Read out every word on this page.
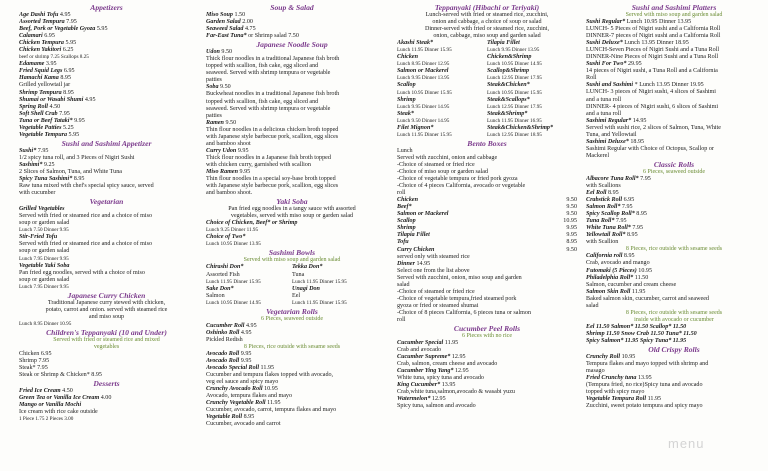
Appetizers
Age Dashi Tofu 4.95
Assorted Tempura 7.95
Beef, Pork or Vegetable Gyoza 5.95
Calamari 6.95
Chicken Tempura 5.95
Chicken Yakitori 6.25
beef or shrimp 7.25 Scallops 8.25
Edamame 3.95
Fried Squid Legs 6.95
Hamachi Kama 8.95
Grilled yellowtail jar
Shrimp Tempura 8.95
Shumai or Wasabi Shumi 4.95
Spring Roll 4.50
Soft Shell Crab 7.95
Tuna or Beef Tataki* 9.95
Vegetable Patties 5.25
Vegetable Tempura 5.95
Sushi and Sashimi Appetizer
Sushi* 7.95
1/2 spicy tuna roll, and 3 Pieces of Nigiri Sushi
Sashimi* 9.25
2 Slices of Salmon, Tuna, and White Tuna
Spicy Tuna Sashimi* 8.95
Raw tuna mixed with chef's special spicy sauce, served
with cucumber
Vegetarian
Grilled Vegetables
Served with fried or steamed rice and a choice of miso
soup or garden salad
Lunch 7.50 Dinner 9.95
Stir-Fried Tofu
Served with fried or steamed rice and a choice of miso
soup or garden salad
Lunch 7.95 Dinner 9.95
Vegetable Yaki Soba
Pan fried egg noodles, served with a choice of miso
soup or garden salad
Lunch 7.95 Dinner 9.95
Japanese Curry Chicken
Traditional Japanese curry stewed with chicken,
potato, carrot and onion. served with steamed rice
and miso soup
Lunch 8.95 Dinner 10.95
Children's Teppanyaki (10 and Under)
Served with fried or steamed rice and mixed
vegetables
Chicken 6.95
Shrimp 7.95
Steak* 7.95
Steak or Shrimp & Chicken* 8.95
Desserts
Fried Ice Cream 4.50
Green Tea or Vanilla Ice Cream 4.00
Mango or Vanilla Mochi
Ice cream with rice cake outside
1 Piece 1.75 2 Pieces 3.00
Soup & Salad
Miso Soup 1.50
Garden Salad 2.00
Seaweed Salad 4.75
Far-East Tuna* or Shrimp salad 7.50
Japanese Noodle Soup
Udon 9.50
Thick flour noodles in a traditional Japanese fish broth
topped with scallion, fish cake, egg sliced and
seaweed. Served with shrimp tempura or vegetable
patties
Soba 9.50
Buckwheat noodles in a traditional Japanese fish broth
topped with scallion, fish cake, egg sliced and
seaweed. Served with shrimp tempura or vegetable
patties
Ramen 9.50
Thin flour noodles in a delicious chicken broth topped
with Japanese style barbecue pork, scallion, egg slices
and bamboo shoot
Curry Udon 9.95
Thick flour noodles in a Japanese fish broth topped
with chicken curry, garnished with scallion
Miso Ramen 9.95
Thin flour noodles in a special soy-base broth topped
with Japanese style barbecue pork, scallion, egg slices
and bamboo shoot.
Yaki Soba
Pan fried egg noodles in a tangy sauce with assorted
vegetables, served with miso soup or garden salad
Choice of Chicken, Beef* or Shrimp
Lunch 9.25 Dinner 11.95
Choice of Two*
Lunch 10.95 Dinner 13.95
Sashimi Bowls
Served with miso soup and garden salad
Chirashi Don*
Assorted Fish
Lunch 11.95 Dinner 15.95
Sake Don*
Salmon
Lunch 10.95 Dinner 14.95
Tekka Don*
Tuna
Lunch 11.95 Dinner 15.95
Unagi Don
Eel
Lunch 11.95 Dinner 15.95
Vegetarian Rolls
6 Pieces, seaweed outside
Cucumber Roll 4.95
Oshinko Roll 4.95
Pickled Redish
8 Pieces, rice outside with sesame seeds
Avocado Roll 9.95
Avocado Roll 9.95
Avocado Special Roll 11.95
Cucumber and tempura flakes topped with avocado,
veg eel sauce and spicy mayo
Crunchy Avocado Roll 10.95
Avocado, tempura flakes and mayo
Crunchy Vegetable Roll 11.95
Cucumber, avocado, carrot, tempura flakes and mayo
Vegetable Roll 8.95
Cucumber, avocado and carrot
Teppanyaki (Hibachi or Teriyaki)
Lunch-served with fried or steamed rice, zucchini,
onion and cabbage, a choice of soup or salad
Dinner-served with fried or steamed rice, zucchini,
onion, cabbage, miso soup and garden salad
Akashi Steak*
Lunch 11.95 Dinner 15.95
Chicken
Lunch 8.95 Dinner 12.95
Salmon or Mackerel
Lunch 9.95 Dinner 13.95
Scallop
Lunch 10.95 Dinner 15.95
Shrimp
Lunch 9.95 Dinner 14.95
Steak*
Lunch 9.50 Dinner 14.95
Filet Mignon*
Lunch 11.95 Dinner 15.95
Tilapia Fillet
Lunch 9.95 Dinner 13.95
Chicken&Shrimp
Lunch 10.95 Dinner 14.95
Scallop&Shrimp
Lunch 12.95 Dinner 17.95
Steak&Chicken*
Lunch 10.95 Dinner 15.95
Steak&Scallops*
Lunch 12.95 Dinner 17.95
Steak&Shrimp*
Lunch 11.95 Dinner 16.95
Steak&Chicken&Shrimp*
Lunch 12.95 Dinner 18.95
Bento Boxes
Lunch
Served with zucchini, onion and cabbage
-Choice of steamed or fried rice
-Choice of miso soup or garden salad
-Choice of vegetable tempura or fried pork gyoza
-Choice of 4 pieces California, avocado or vegetable
roll
Chicken	9.50
Beef*	9.50
Salmon or Mackerel	9.50
Scallop	10.95
Shrimp	9.95
Tilapia Fillet	9.95
Tofu	8.95
Curry Chicken	9.50
served only with steamed rice
Dinner 14.95
Select one from the list above
Served with zucchini, onion, miso soup and garden
salad
-Choice of steamed or fried rice
-Choice of vegetable tempura,fried steamed pork
gyoza or fried or steamed shumai
-Choice of 8 pieces California, 6 pieces tuna or salmon
roll
Cucumber Peel Rolls
6 Pieces with no rice
Cucumber Special 11.95
Crab and avocado
Cucumber Supreme* 12.95
Crab, salmon, cream cheese and avocado
Cucumber Ying Yang* 12.95
White tuna, spicy tuna and avocado
King Cucumber* 13.95
Crab,white tuna,salmon,avocado & wasabi yuzu
Watermelon* 12.95
Spicy tuna, salmon and avocado
Sushi and Sashimi Platters
Served with miso soup and garden salad
Sushi Regular* Lunch 10.95 Dinner 13.95
LUNCH- 5 Pieces of Nigiri sushi and a California Roll
DINNER-7 pieces of Nigiri sushi and a California Roll
Sushi Deluxe* Lunch 13.95 Dinner 18.95
LUNCH-Seven Pieces of Nigiri Sushi and a Tuna Roll
DINNER-Nine Pieces of Nigiri Sushi and a Tuna Roll
Sushi For Two* 29.95
14 pieces of Nigiri sushi, a Tuna Roll and a California
Roll
Sushi and Sashimi * Lunch 13.95 Dinner 19.95
LUNCH- 3 pieces of Nigiri sushi, 4 slices of Sashimi
and a tuna roll
DINNER- 4 pieces of Nigiri sushi, 6 slices of Sashimi
and a tuna roll
Sashimi Regular* 14.95
Served with sushi rice, 2 slices of Salmon, Tuna, White
Tuna, and Yellowtail
Sashimi Deluxe* 18.95
Sashimi Regular with Choice of Octopus, Scallop or
Mackerel
Classic Rolls
6 Pieces, seaweed outside
Albacore Tuna Roll* 7.95
with Scallions
Eel Roll 8.95
Crabstick Roll 6.95
Salmon Roll* 7.95
Spicy Scallop Roll* 8.95
Tuna Roll* 7.95
White Tuna Roll* 7.95
Yellowtail Roll* 8.95
with Scallion
8 Pieces, rice outside with sesame seeds
California roll 8.95
Crab, avocado and mango
Futomaki (5 Pieces) 10.95
Philadelphia Roll* 11.50
Salmon, cucumber and cream cheese
Salmon Skin Roll 11.95
Baked salmon skin, cucumber, carrot and seaweed
salad
8 Pieces, rice outside with sesame seeds
inside with avocado or cucumber
Eel 11.50 Salmon* 11.50 Scallop* 11.50
Shrimp 11.50 Snow Crab 11.50 Tuna* 11.50
Spicy Salmon* 11.95 Spicy Tuna* 11.95
Old Crispy Rolls
Crunchy Roll 10.95
Tempura flakes and mayo topped with shrimp and
masago
Fried Crunchy tuna 13.95
(Tempura fried, no rice)Spicy tuna and avocado
topped with spicy mayo
Vegetable Tempura Roll 11.95
Zucchini, sweet potato tempura and spicy mayo
menu
